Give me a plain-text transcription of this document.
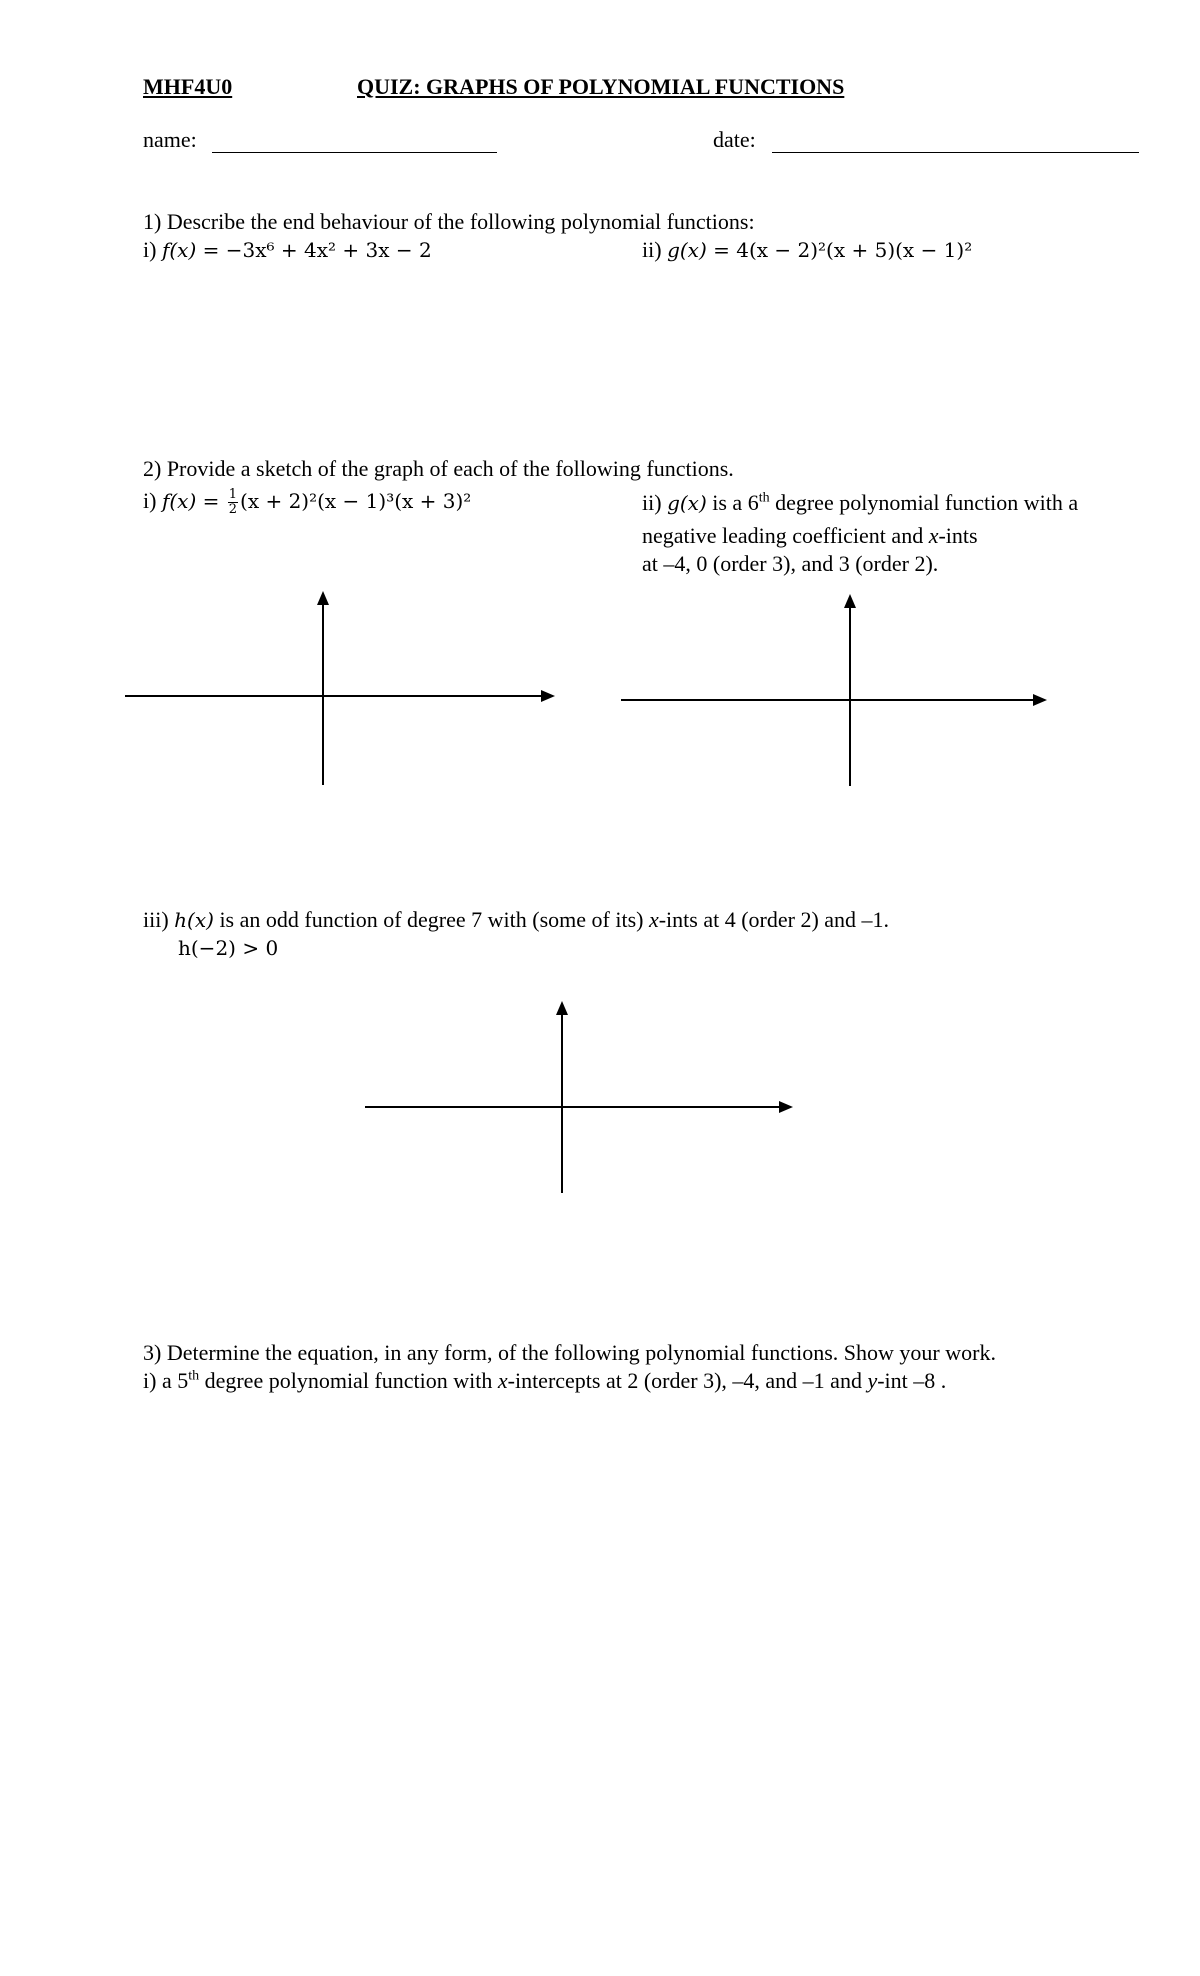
MHF4U0	QUIZ: GRAPHS OF POLYNOMIAL FUNCTIONS
name:	date:
1) Describe the end behaviour of the following polynomial functions:
i) f(x) = −3x⁶ + 4x² + 3x − 2	ii) g(x) = 4(x − 2)²(x + 5)(x − 1)²
2) Provide a sketch of the graph of each of the following functions.
i) $f(x) = \frac{1}{2} (x + 2)^2(x - 1)^3(x + 3)^2$	ii) g(x) is a 6th degree polynomial function with a
negative leading coefficient and x-ints
at –4, 0 (order 3), and 3 (order 2).
iii) h(x) is an odd function of degree 7 with (some of its) x-ints at 4 (order 2) and –1.
h(−2) > 0
3) Determine the equation, in any form, of the following polynomial functions. Show your work.
i) a 5th degree polynomial function with x-intercepts at 2 (order 3), –4, and –1 and y-int –8 .
